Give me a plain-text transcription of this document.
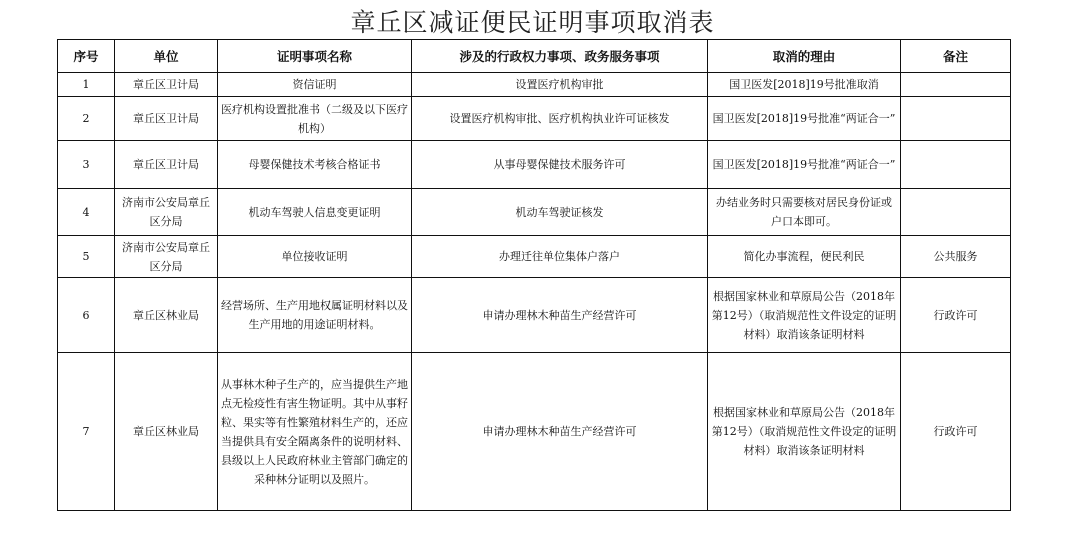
章丘区减证便民证明事项取消表
序号	单位	证明事项名称	涉及的行政权力事项、政务服务事项	取消的理由	备注
1	章丘区卫计局	资信证明	设置医疗机构审批	国卫医发[2018]19号批准取消	
2	章丘区卫计局	医疗机构设置批准书（二级及以下医疗机构）	设置医疗机构审批、医疗机构执业许可证核发	国卫医发[2018]19号批准“两证合一”	
3	章丘区卫计局	母婴保健技术考核合格证书	从事母婴保健技术服务许可	国卫医发[2018]19号批准“两证合一”	
4	济南市公安局章丘区分局	机动车驾驶人信息变更证明	机动车驾驶证核发	办结业务时只需要核对居民身份证或户口本即可。	
5	济南市公安局章丘区分局	单位接收证明	办理迁往单位集体户落户	简化办事流程，便民利民	公共服务
6	章丘区林业局	经营场所、生产用地权属证明材料以及生产用地的用途证明材料。	申请办理林木种苗生产经营许可	根据国家林业和草原局公告（2018年第12号）（取消规范性文件设定的证明材料）取消该条证明材料	行政许可
7	章丘区林业局	从事林木种子生产的，应当提供生产地点无检疫性有害生物证明。其中从事籽粒、果实等有性繁殖材料生产的，还应当提供具有安全隔离条件的说明材料、县级以上人民政府林业主管部门确定的采种林分证明以及照片。	申请办理林木种苗生产经营许可	根据国家林业和草原局公告（2018年第12号）（取消规范性文件设定的证明材料）取消该条证明材料	行政许可
